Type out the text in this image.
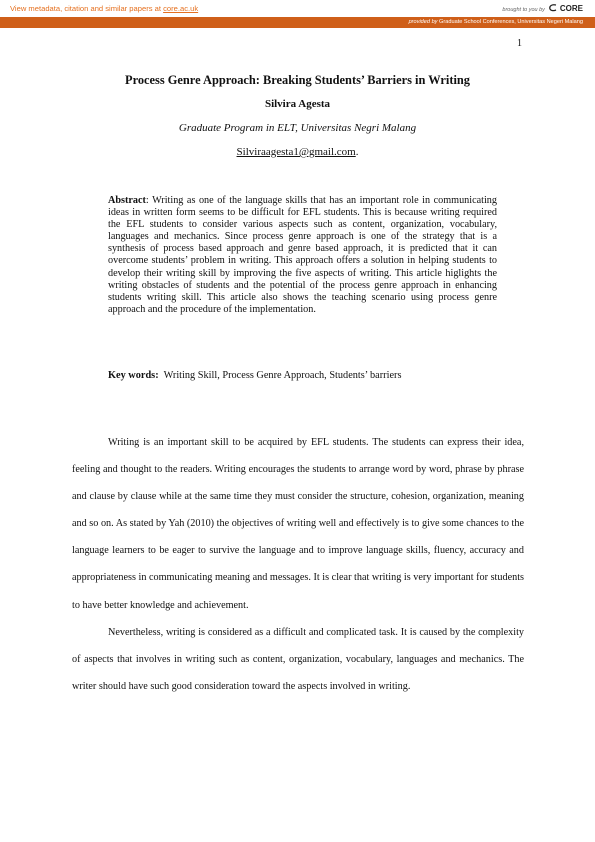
View metadata, citation and similar papers at core.ac.uk	brought to you by CORE
provided by Graduate School Conferences, Universitas Negeri Malang
1
Process Genre Approach: Breaking Students’ Barriers in Writing
Silvira Agesta
Graduate Program in ELT, Universitas Negri Malang
Silviraagesta1@gmail.com.
Abstract: Writing as one of the language skills that has an important role in communicating ideas in written form seems to be difficult for EFL students. This is because writing required the EFL students to consider various aspects such as content, organization, vocabulary, languages and mechanics. Since process genre approach is one of the strategy that is a synthesis of process based approach and genre based approach, it is predicted that it can overcome students’ problem in writing. This approach offers a solution in helping students to develop their writing skill by improving the five aspects of writing. This article higlights the writing obstacles of students and the potential of the process genre approach in enhancing students writing skill. This article also shows the teaching scenario using process genre approach and the procedure of the implementation.
Key words:  Writing Skill, Process Genre Approach, Students’ barriers

Writing is an important skill to be acquired by EFL students. The students can express their idea, feeling and thought to the readers. Writing encourages the students to arrange word by word, phrase by phrase and clause by clause while at the same time they must consider the structure, cohesion, organization, meaning and so on. As stated by Yah (2010) the objectives of writing well and effectively is to give some chances to the language learners to be eager to survive the language and to improve language skills, fluency, accuracy and appropriateness in communicating meaning and messages. It is clear that writing is very important for students to have better knowledge and achievement.

Nevertheless, writing is considered as a difficult and complicated task. It is caused by the complexity of aspects that involves in writing such as content, organization, vocabulary, languages and mechanics. The writer should have such good consideration toward the aspects involved in writing.
